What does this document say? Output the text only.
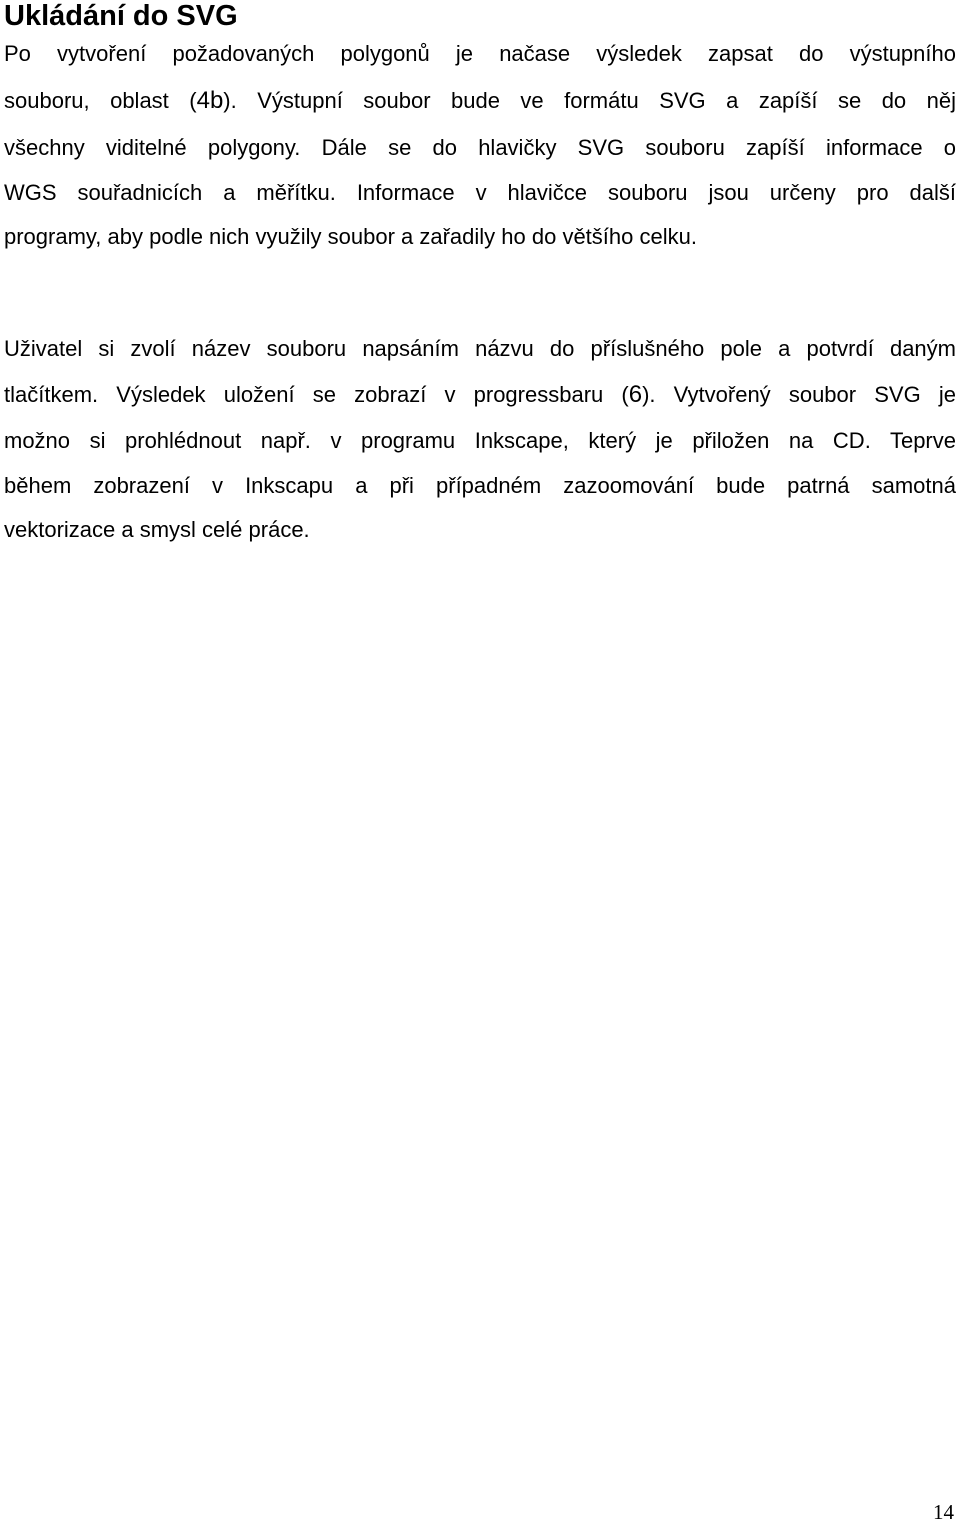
Ukládání do SVG

Po vytvoření požadovaných polygonů je načase výsledek zapsat do výstupního

souboru, oblast (4b). Výstupní soubor bude ve formátu SVG a zapíší se do něj

všechny viditelné polygony. Dále se do hlavičky SVG souboru zapíší informace o

WGS souřadnicích a měřítku. Informace v hlavičce souboru jsou určeny pro další

programy, aby podle nich využily soubor a zařadily ho do většího celku.

Uživatel si zvolí název souboru napsáním názvu do příslušného pole a potvrdí daným

tlačítkem. Výsledek uložení se zobrazí v progressbaru (6). Vytvořený soubor SVG je

možno si prohlédnout např. v programu Inkscape, který je přiložen na CD. Teprve

během zobrazení v Inkscapu a při případném zazoomování bude patrná samotná

vektorizace a smysl celé práce.

14
